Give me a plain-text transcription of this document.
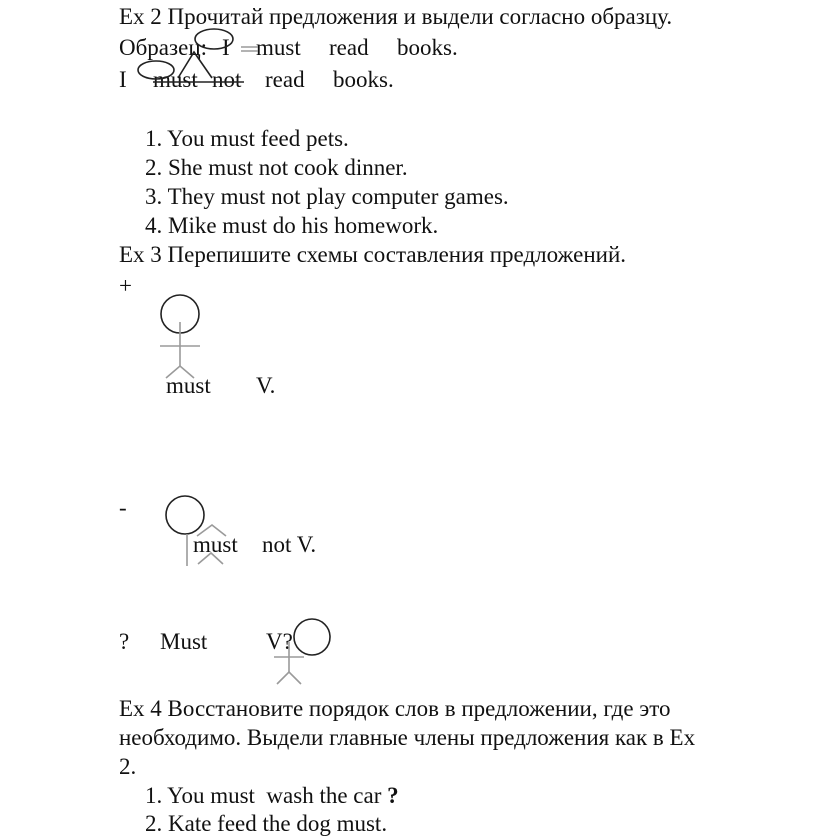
Ex 2 Прочитай предложения и выдели согласно образцу.
Образец: I must read books.
I must not read books.
1. You must feed pets.
2. She must not cook dinner.
3. They must not play computer games.
4. Mike must do his homework.
Ex 3 Перепишите схемы составления предложений.
+
must V.
-
must not V.
? Must	V?
Ex 4 Восстановите порядок слов в предложении, где это
необходимо. Выдели главные члены предложения как в Ex
2.
1. You must  wash the car ?
2. Kate feed the dog must.
